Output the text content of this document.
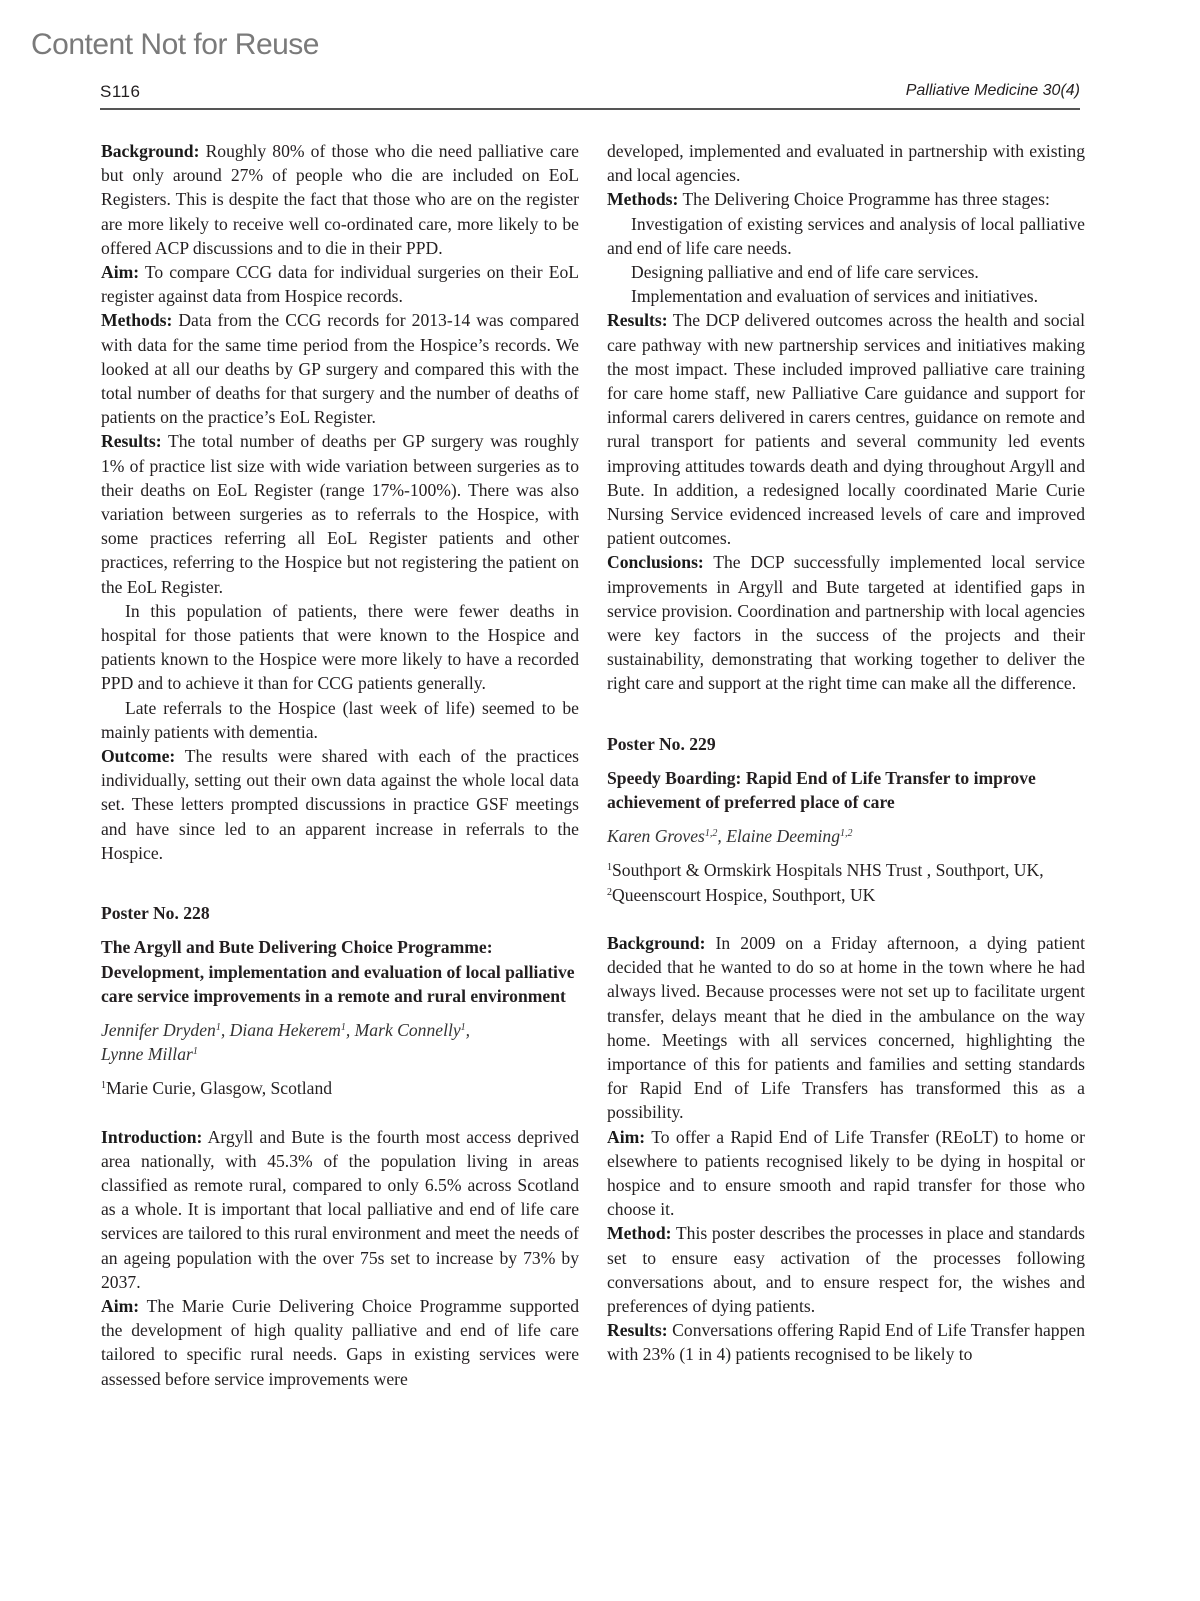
Content Not for Reuse
S116	Palliative Medicine 30(4)

Background: Roughly 80% of those who die need palliative care but only around 27% of people who die are included on EoL Registers. This is despite the fact that those who are on the register are more likely to receive well co-ordinated care, more likely to be offered ACP discussions and to die in their PPD.

Aim: To compare CCG data for individual surgeries on their EoL register against data from Hospice records.

Methods: Data from the CCG records for 2013-14 was compared with data for the same time period from the Hospice’s records. We looked at all our deaths by GP surgery and compared this with the total number of deaths for that surgery and the number of deaths of patients on the practice’s EoL Register.

Results: The total number of deaths per GP surgery was roughly 1% of practice list size with wide variation between surgeries as to their deaths on EoL Register (range 17%-100%). There was also variation between surgeries as to referrals to the Hospice, with some practices referring all EoL Register patients and other practices, referring to the Hospice but not registering the patient on the EoL Register.

In this population of patients, there were fewer deaths in hospital for those patients that were known to the Hospice and patients known to the Hospice were more likely to have a recorded PPD and to achieve it than for CCG patients generally.

Late referrals to the Hospice (last week of life) seemed to be mainly patients with dementia.

Outcome: The results were shared with each of the practices individually, setting out their own data against the whole local data set. These letters prompted discussions in practice GSF meetings and have since led to an apparent increase in referrals to the Hospice.

Poster No. 228

The Argyll and Bute Delivering Choice Programme: Development, implementation and evaluation of local palliative care service improvements in a remote and rural environment

Jennifer Dryden$^1$, Diana Hekerem$^1$, Mark Connelly$^1$,
Lynne Millar$^1$

$^1$Marie Curie, Glasgow, Scotland

Introduction: Argyll and Bute is the fourth most access deprived area nationally, with 45.3% of the population living in areas classified as remote rural, compared to only 6.5% across Scotland as a whole. It is important that local palliative and end of life care services are tailored to this rural environment and meet the needs of an ageing population with the over 75s set to increase by 73% by 2037.

Aim: The Marie Curie Delivering Choice Programme supported the development of high quality palliative and end of life care tailored to specific rural needs. Gaps in existing services were assessed before service improvements were

developed, implemented and evaluated in partnership with existing and local agencies.

Methods: The Delivering Choice Programme has three stages:

Investigation of existing services and analysis of local palliative and end of life care needs.

Designing palliative and end of life care services.

Implementation and evaluation of services and initiatives.

Results: The DCP delivered outcomes across the health and social care pathway with new partnership services and initiatives making the most impact. These included improved palliative care training for care home staff, new Palliative Care guidance and support for informal carers delivered in carers centres, guidance on remote and rural transport for patients and several community led events improving attitudes towards death and dying throughout Argyll and Bute. In addition, a redesigned locally coordinated Marie Curie Nursing Service evidenced increased levels of care and improved patient outcomes.

Conclusions: The DCP successfully implemented local service improvements in Argyll and Bute targeted at identified gaps in service provision. Coordination and partnership with local agencies were key factors in the success of the projects and their sustainability, demonstrating that working together to deliver the right care and support at the right time can make all the difference.

Poster No. 229

Speedy Boarding: Rapid End of Life Transfer to improve achievement of preferred place of care

Karen Groves$^{1,2}$, Elaine Deeming$^{1,2}$

$^1$Southport & Ormskirk Hospitals NHS Trust , Southport, UK, $^2$Queenscourt Hospice, Southport, UK

Background: In 2009 on a Friday afternoon, a dying patient decided that he wanted to do so at home in the town where he had always lived. Because processes were not set up to facilitate urgent transfer, delays meant that he died in the ambulance on the way home. Meetings with all services concerned, highlighting the importance of this for patients and families and setting standards for Rapid End of Life Transfers has transformed this as a possibility.

Aim: To offer a Rapid End of Life Transfer (REoLT) to home or elsewhere to patients recognised likely to be dying in hospital or hospice and to ensure smooth and rapid transfer for those who choose it.

Method: This poster describes the processes in place and standards set to ensure easy activation of the processes following conversations about, and to ensure respect for, the wishes and preferences of dying patients.

Results: Conversations offering Rapid End of Life Transfer happen with 23% (1 in 4) patients recognised to be likely to
